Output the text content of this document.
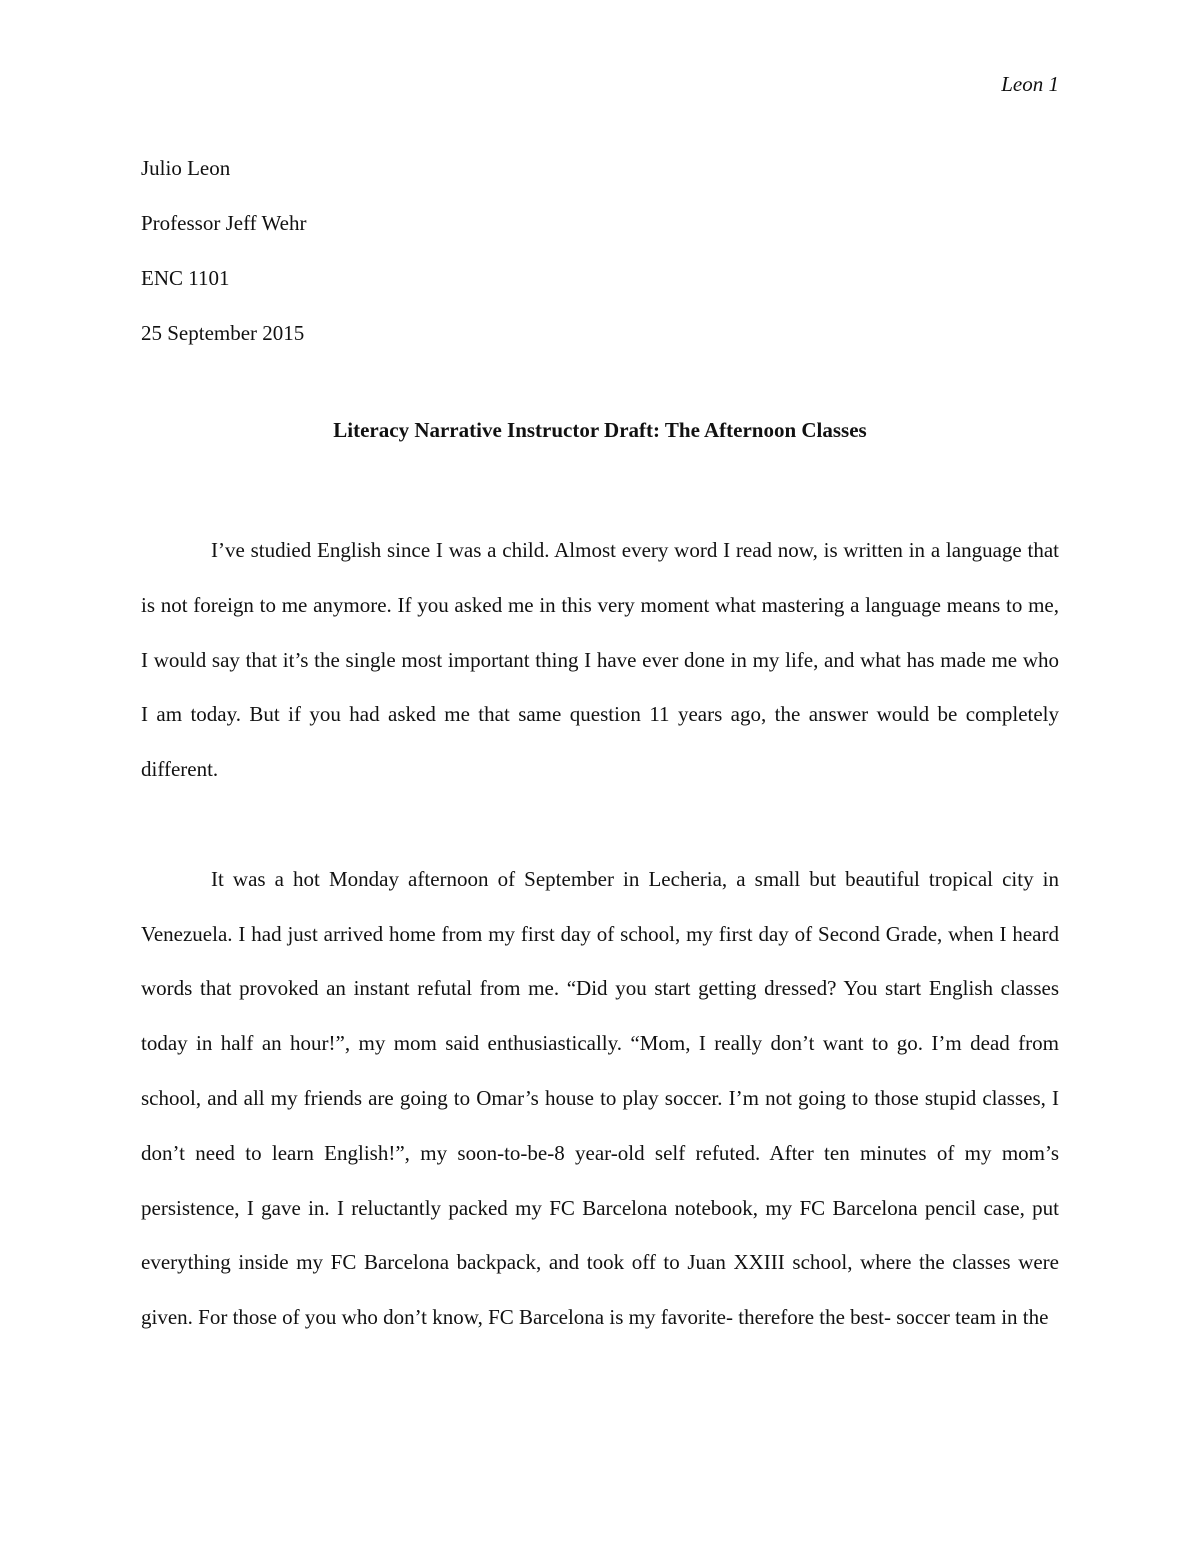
Leon 1
Julio Leon
Professor Jeff Wehr
ENC 1101
25 September 2015
Literacy Narrative Instructor Draft: The Afternoon Classes

I’ve studied English since I was a child. Almost every word I read now, is written in a language that is not foreign to me anymore. If you asked me in this very moment what mastering a language means to me, I would say that it’s the single most important thing I have ever done in my life, and what has made me who I am today. But if you had asked me that same question 11 years ago, the answer would be completely different.

It was a hot Monday afternoon of September in Lecheria, a small but beautiful tropical city in Venezuela. I had just arrived home from my first day of school, my first day of Second Grade, when I heard words that provoked an instant refutal from me. “Did you start getting dressed? You start English classes today in half an hour!”, my mom said enthusiastically. “Mom, I really don’t want to go. I’m dead from school, and all my friends are going to Omar’s house to play soccer. I’m not going to those stupid classes, I don’t need to learn English!”, my soon-to-be-8 year-old self refuted. After ten minutes of my mom’s persistence, I gave in. I reluctantly packed my FC Barcelona notebook, my FC Barcelona pencil case, put everything inside my FC Barcelona backpack, and took off to Juan XXIII school, where the classes were given. For those of you who don’t know, FC Barcelona is my favorite- therefore the best- soccer team in the
